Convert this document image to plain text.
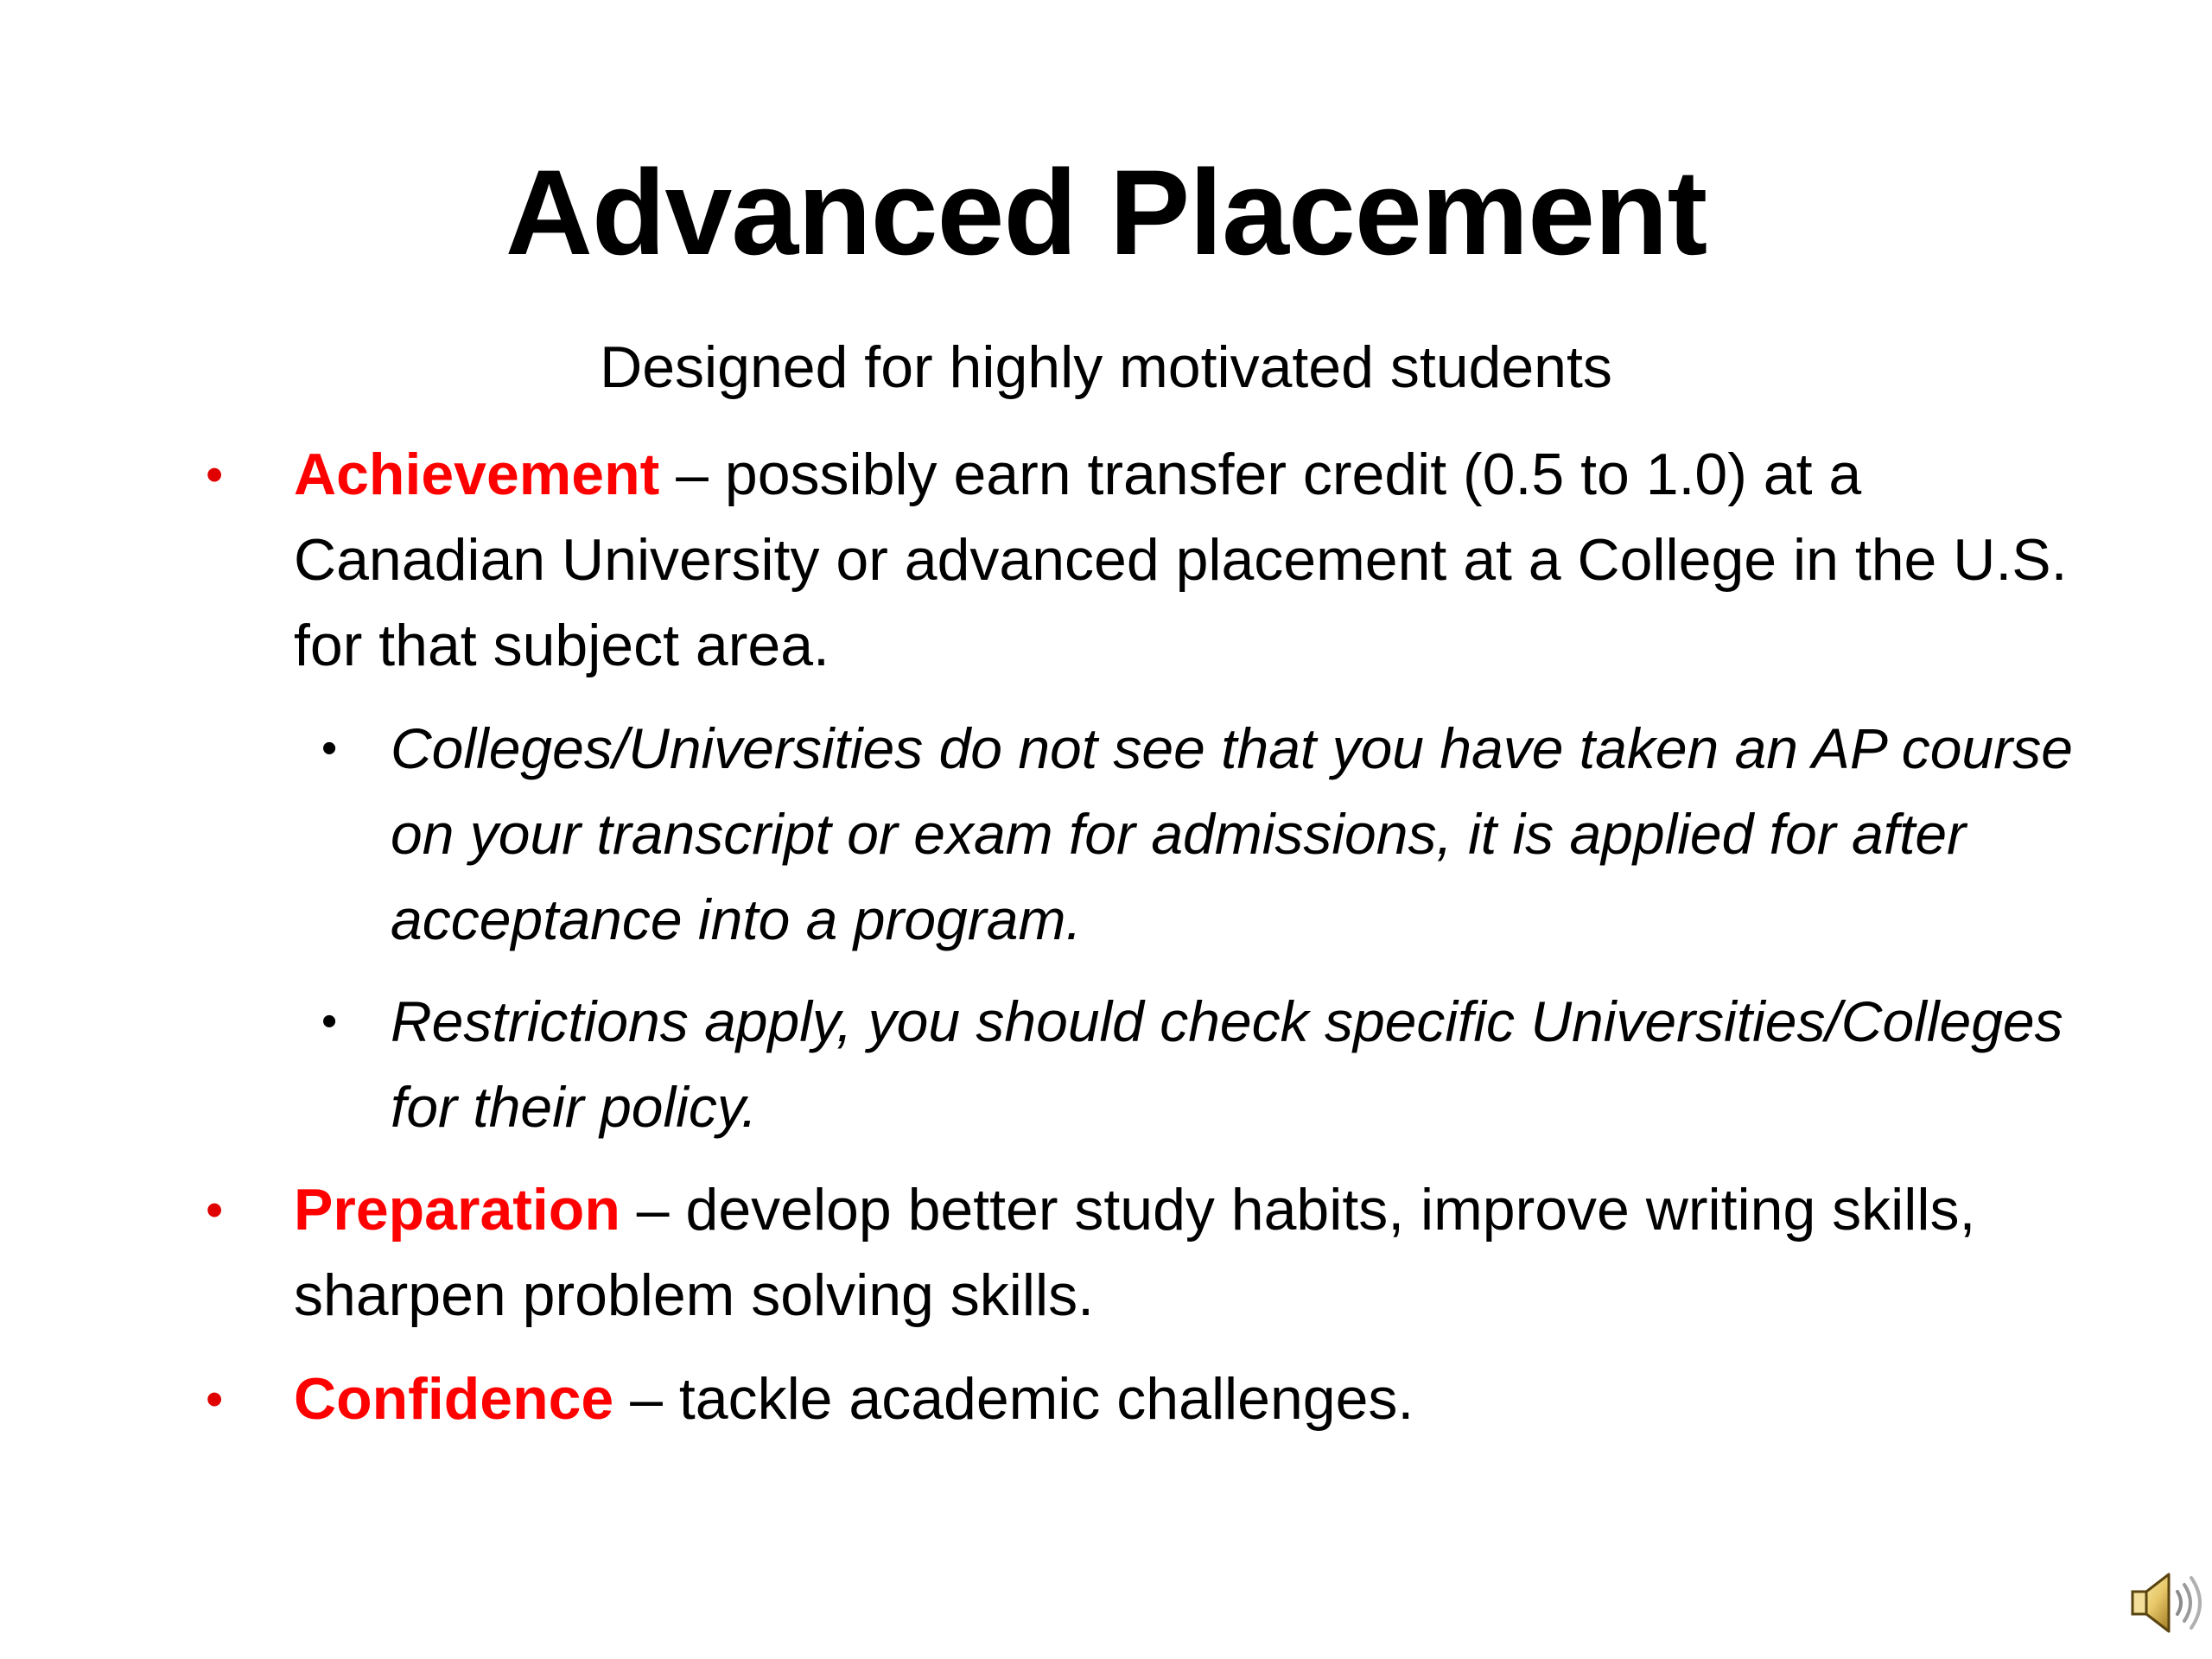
Advanced Placement
Designed for highly motivated students
• Achievement – possibly earn transfer credit (0.5 to 1.0) at a Canadian University or advanced placement at a College in the U.S. for that subject area.
• Colleges/Universities do not see that you have taken an AP course on your transcript or exam for admissions, it is applied for after acceptance into a program.
• Restrictions apply, you should check specific Universities/Colleges for their policy.
• Preparation – develop better study habits, improve writing skills, sharpen problem solving skills.
• Confidence – tackle academic challenges.
